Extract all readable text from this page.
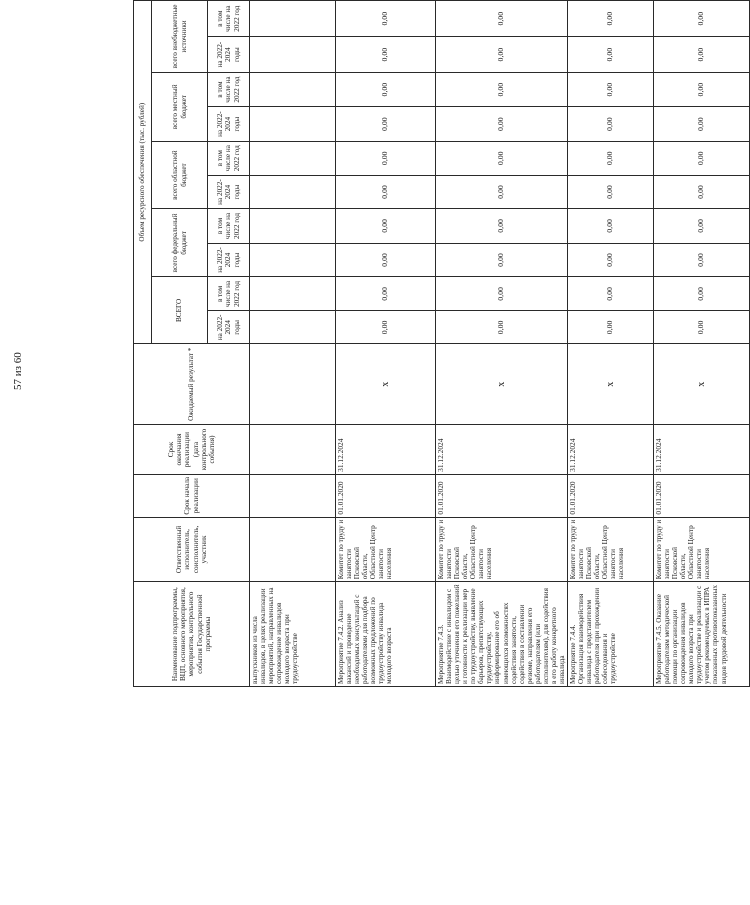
Наименование подпрограммы, ВЦП, основного мероприятия, мероприятия, контрольного события Государственной программы	Ответственный исполнитель, соисполнитель, участник	Срок начала реализации	Срок окончания реализации (дата контрольного события)	Ожидаемый результат *	Объем ресурсного обеспечения (тыс. рублей)									
					ВСЕГО		всего федеральный бюджет		всего областной бюджет		всего местный бюджет		всего внебюджетные источники	
					на 2022-2024 годы	в том числе на 2022 год	на 2022-2024 годы	в том числе на 2022 год	на 2022-2024 годы	в том числе на 2022 год	на 2022-2024 годы	в том числе на 2022 год	на 2022-2024 годы	в том числе на 2022 год
выпускников из числа инвалидов, в целях реализации мероприятий, направленных на сопровождение инвалидов молодого возраста при трудоустройстве														
Мероприятие 7.4.2. Анализ вакансий и проведение необходимых консультаций с работодателями для подбора возможных предложений по трудоустройству инвалида молодого возраста	Комитет по труду и занятости Псковской области, Областной Центр занятости населения	01.01.2020	31.12.2024	х	0,00	0,00	0,00	0,00	0,00	0,00	0,00	0,00	0,00	0,00
Мероприятие 7.4.3. Взаимодействие с инвалидом с целью уточнения его пожеланий и готовности к реализации мер по трудоустройству, выявление барьеров, препятствующих трудоустройству, информирование его об имеющихся возможностях содействия занятости, содействия в составлении резюме, направления его работодателям (или исполнителям), для содействия в его работу конкретного инвалида	Комитет по труду и занятости Псковской области, Областной Центр занятости населения	01.01.2020	31.12.2024	х	0,00	0,00	0,00	0,00	0,00	0,00	0,00	0,00	0,00	0,00
Мероприятие 7.4.4. Организация взаимодействия инвалида с представителем работодателя при прохождении собеседования и трудоустройстве	Комитет по труду и занятости Псковской области, Областной Центр занятости населения	01.01.2020	31.12.2024	х	0,00	0,00	0,00	0,00	0,00	0,00	0,00	0,00	0,00	0,00
Мероприятие 7.4.5. Оказание работодателям методической помощи по организации сопровождения инвалидов молодого возраста при трудоустройстве и реализации с учетом рекомендуемых в ИПРА показанных противопоказанных видов трудовой деятельности	Комитет по труду и занятости Псковской области, Областной Центр занятости населения	01.01.2020	31.12.2024	х	0,00	0,00	0,00	0,00	0,00	0,00	0,00	0,00	0,00	0,00
57 из 60
